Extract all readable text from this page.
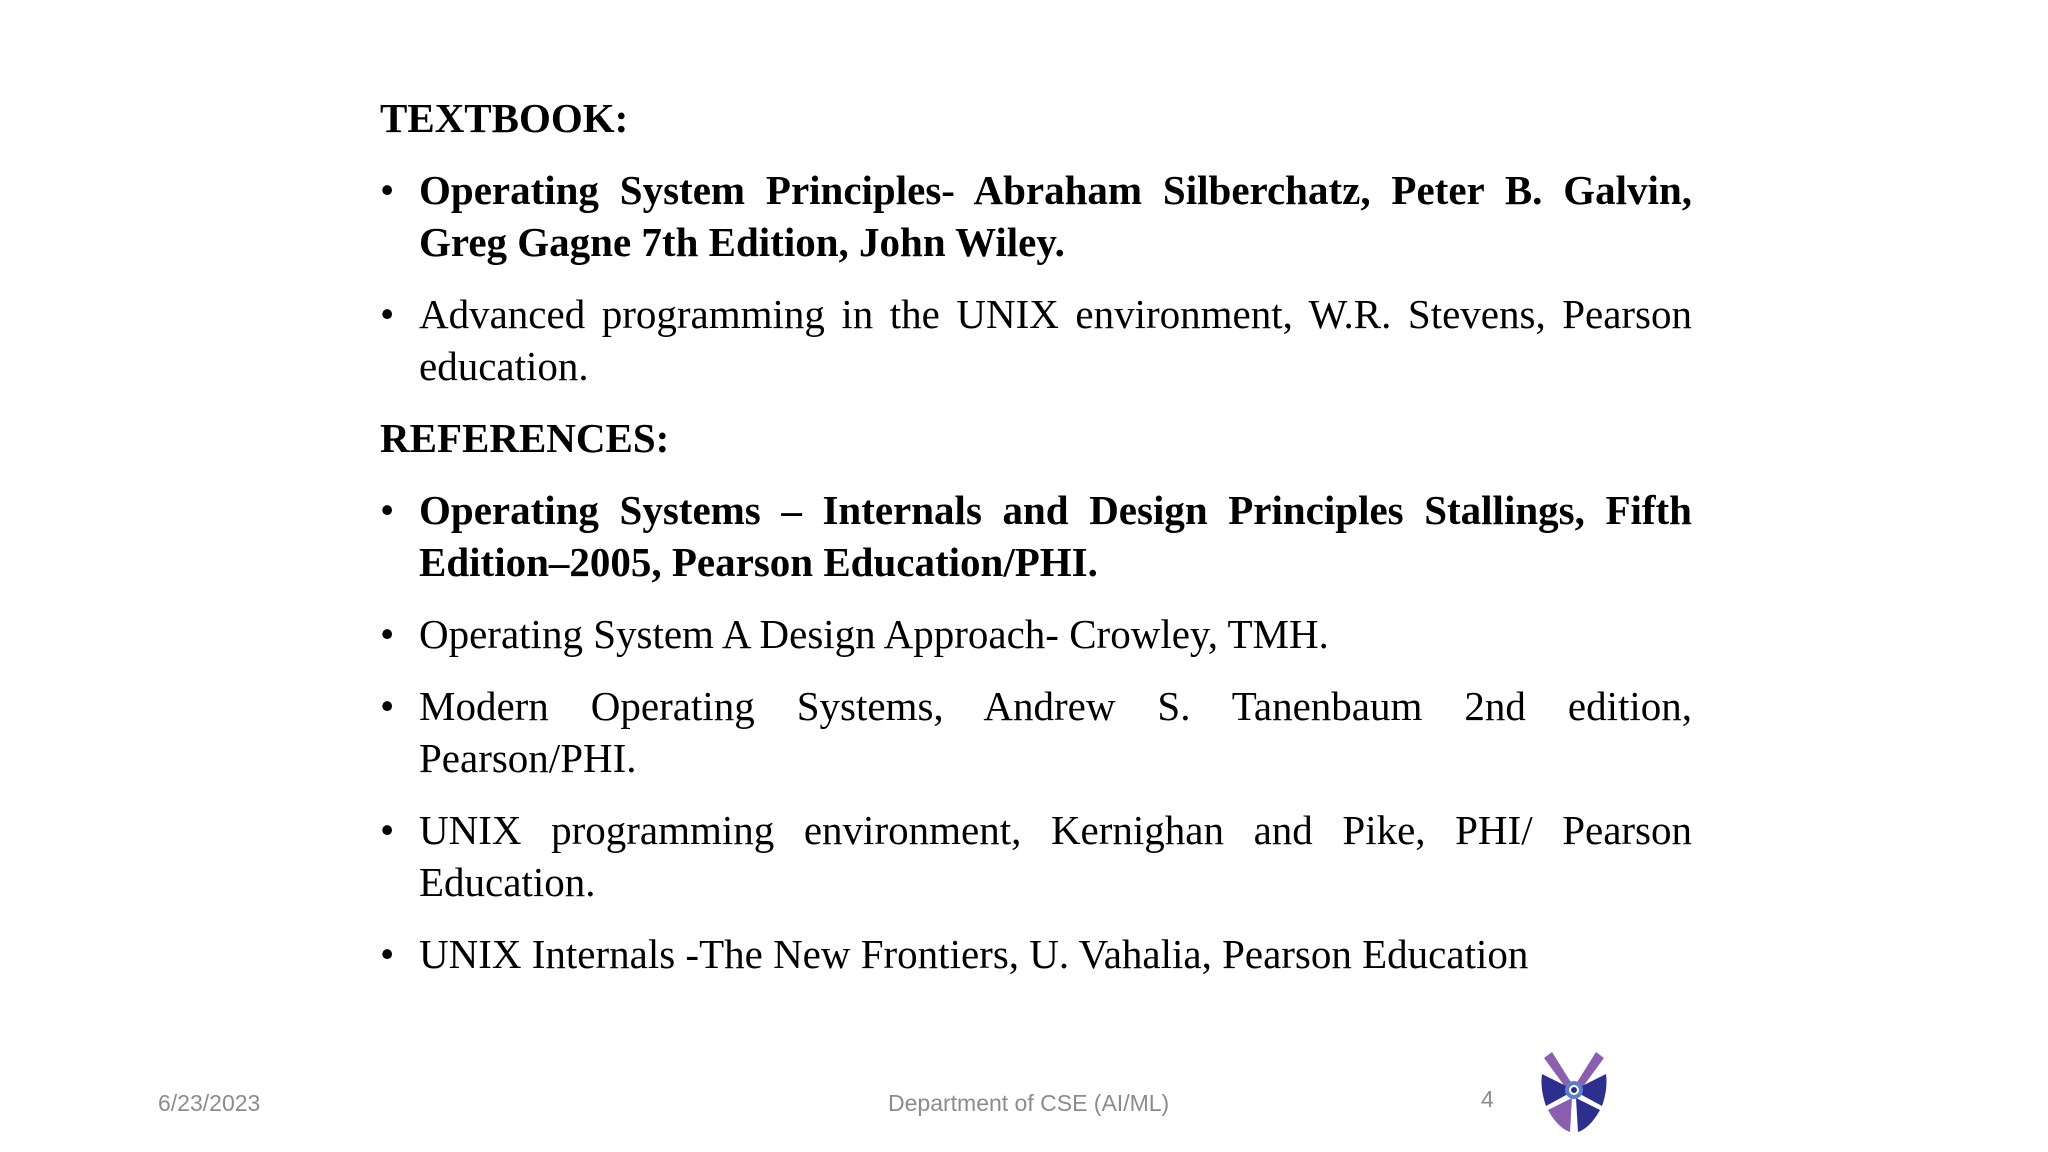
TEXTBOOK:
• Operating System Principles- Abraham Silberchatz, Peter B. Galvin, Greg Gagne 7th Edition, John Wiley.
• Advanced programming in the UNIX environment, W.R. Stevens, Pearson education.
REFERENCES:
• Operating Systems – Internals and Design Principles Stallings, Fifth Edition–2005, Pearson Education/PHI.
• Operating System A Design Approach- Crowley, TMH.
• Modern Operating Systems, Andrew S. Tanenbaum 2nd edition, Pearson/PHI.
• UNIX programming environment, Kernighan and Pike, PHI/ Pearson Education.
• UNIX Internals -The New Frontiers, U. Vahalia, Pearson Education
6/23/2023	Department of CSE (AI/ML)	4
